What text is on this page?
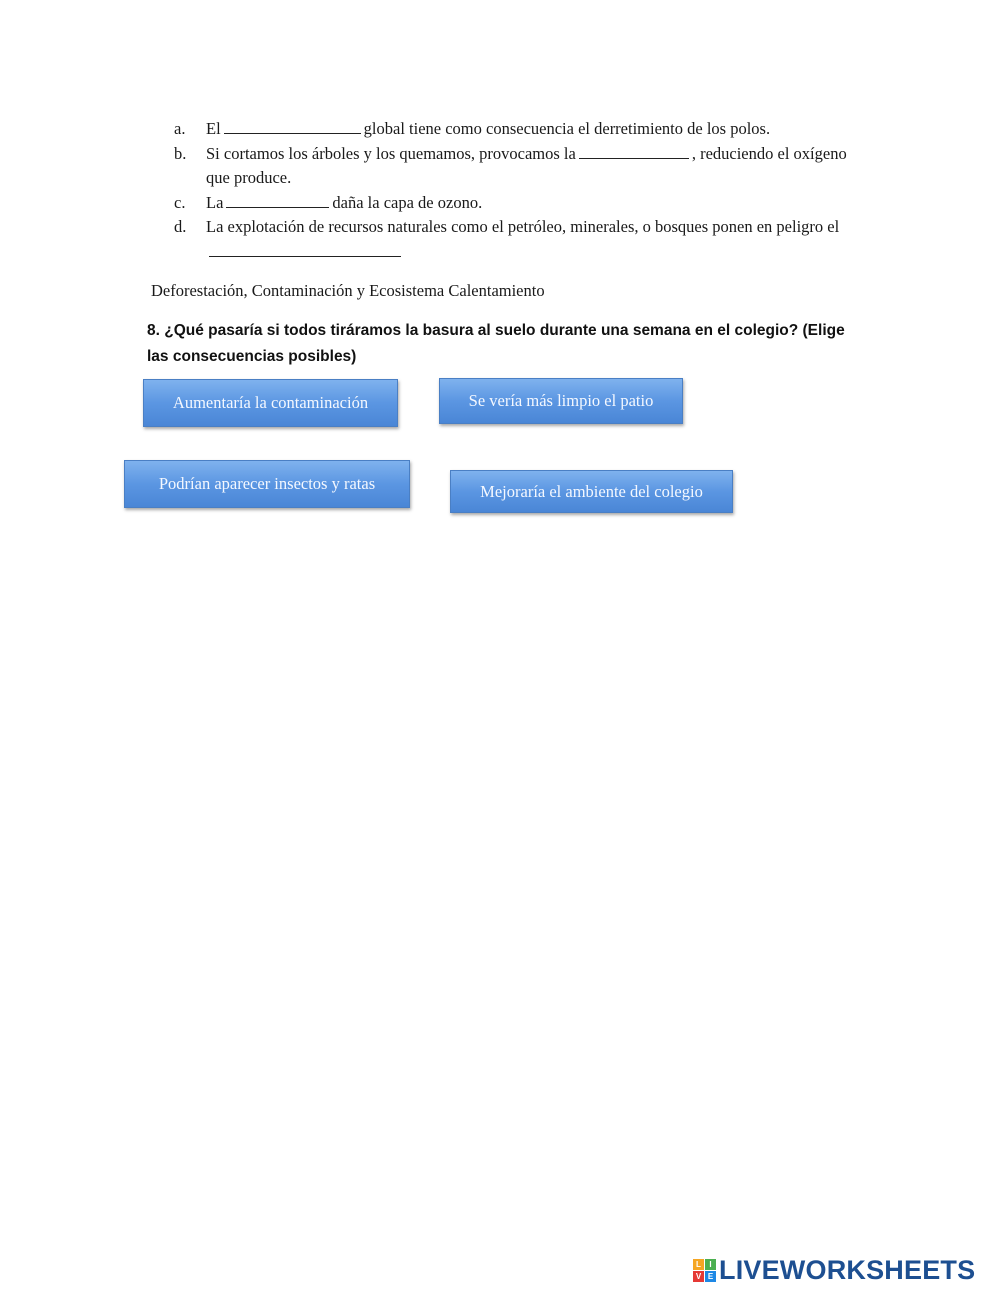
a. El	global tiene como consecuencia el derretimiento de los polos.
b. Si cortamos los árboles y los quemamos, provocamos la	, reduciendo el oxígeno que produce.
c. La	daña la capa de ozono.
d. La explotación de recursos naturales como el petróleo, minerales, o bosques ponen en peligro el
Deforestación, Contaminación y Ecosistema Calentamiento
8. ¿Qué pasaría si todos tiráramos la basura al suelo durante una semana en el colegio? (Elige las consecuencias posibles)
Aumentaría la contaminación	Se vería más limpio el patio
Podrían aparecer insectos y ratas	Mejoraría el ambiente del colegio
L	I
V E LIVEWORKSHEETS
